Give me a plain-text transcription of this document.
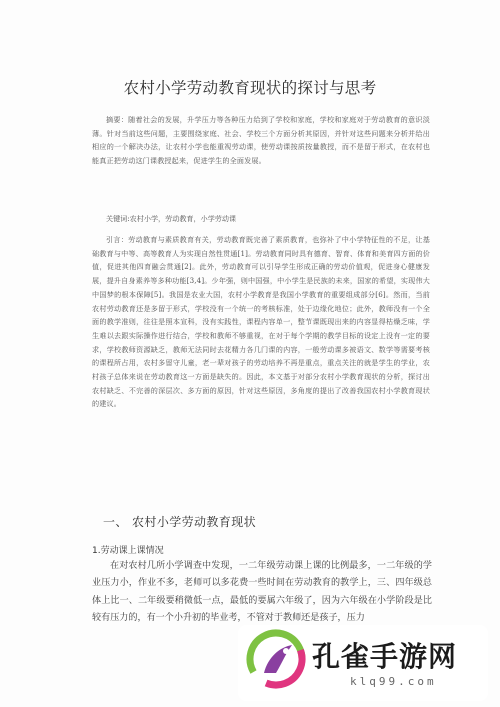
农村小学劳动教育现状的探讨与思考
摘要：随着社会的发展，升学压力等各种压力给到了学校和家庭，学校和家庭对于劳动教育的意识淡薄。针对当前这些问题，主要围绕家庭、社会、学校三个方面分析其原因，并针对这些问题来分析并给出相应的一个解决办法，让农村小学也能重视劳动课，使劳动课按质按量教授，而不是留于形式，在农村也能真正把劳动这门课教授起来，促进学生的全面发展。
关键词:农村小学，劳动教育，小学劳动课
引言：劳动教育与素质教育有关，劳动教育既完善了素质教育，也弥补了中小学特征性的不足，让基础教育与中等、高等教育人为实现自然性贯通[1]。劳动教育同时具有德育、智育、体育和美育四方面的价值，促进其他四育融会贯通[2]。此外，劳动教育可以引导学生形成正确的劳动价值观，促进身心健康发展，提升自身素养等多种功能[3,4]。少年强，则中国强，中小学生是民族的未来，国家的希望，实现伟大中国梦的根本保障[5]。我国是农业大国，农村小学教育是我国小学教育的重要组成部分[6]。然而，当前农村劳动教育还是多留于形式，学校没有一个统一的考核标准，处于边缘化地位；此外，教师没有一个全面的教学准则，往往是照本宣科，没有实践性，课程内容单一，整节课既现出来的内容显得枯燥乏味，学生难以去跟实际操作进行结合，学校和教师不够重视，在对于每个学期的教学目标的设定上没有一定的要求，学校教师资源缺乏，教师无法同时去花精力各几门课的内容，一般劳动课多被语文、数学等需要考核的课程所占用，农村多留守儿童，老一辈对孩子的劳动培养不再是重点，重点关注的就是学生的学业，农村孩子总体来说在劳动教育这一方面是缺失的。因此，本文基于对部分农村小学教育现状的分析，探讨出农村缺乏、不完善的深层次、多方面的原因，针对这些原因，多角度的提出了改善我国农村小学教育现状的建议。
一、 农村小学劳动教育现状
1.劳动课上课情况
在对农村几所小学调查中发现，一二年级劳动课上课的比例最多，一二年级的学业压力小，作业不多，老师可以多花费一些时间在劳动教育的教学上，三、四年级总体上比一、二年级要稍微低一点，最低的要属六年级了，因为六年级在小学阶段是比较有压力的，有一个小升初的毕业考，不管对于教师还是孩子，压力
孔雀手游网
klq99.com
